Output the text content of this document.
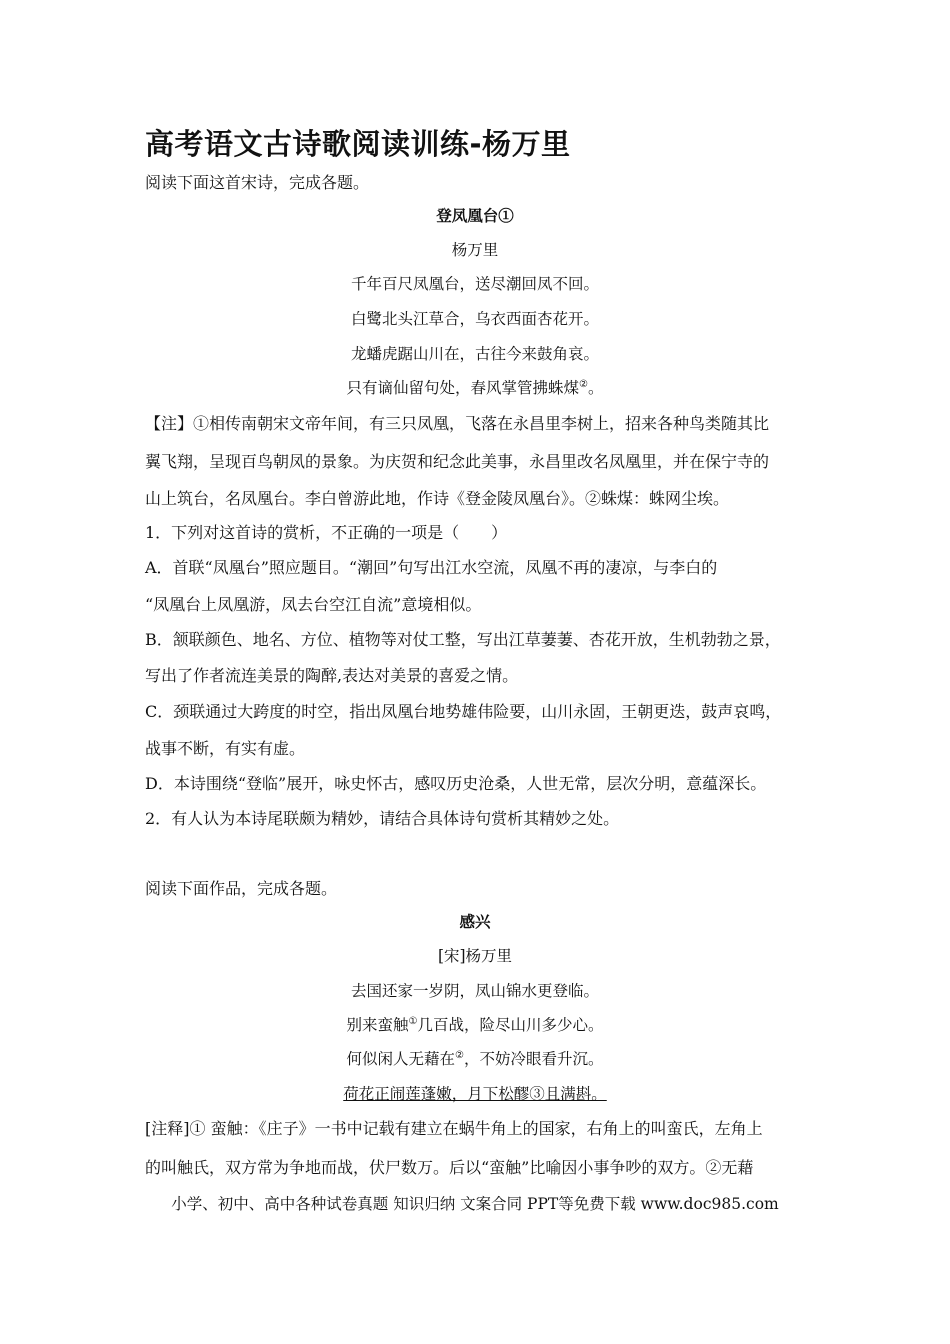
高考语文古诗歌阅读训练-杨万里
阅读下面这首宋诗，完成各题。
登凤凰台①
杨万里
千年百尺凤凰台，送尽潮回凤不回。
白鹭北头江草合，乌衣西面杏花开。
龙蟠虎踞山川在，古往今来鼓角哀。
只有谪仙留句处，春风掌管拂蛛煤②。
【注】①相传南朝宋文帝年间，有三只凤凰，飞落在永昌里李树上，招来各种鸟类随其比
翼飞翔，呈现百鸟朝凤的景象。为庆贺和纪念此美事，永昌里改名凤凰里，并在保宁寺的
山上筑台，名凤凰台。李白曾游此地，作诗《登金陵凤凰台》。②蛛煤：蛛网尘埃。
1．下列对这首诗的赏析，不正确的一项是（　　）
A．首联“凤凰台”照应题目。“潮回”句写出江水空流，凤凰不再的凄凉，与李白的
“凤凰台上凤凰游，凤去台空江自流”意境相似。
B．颔联颜色、地名、方位、植物等对仗工整，写出江草萋萋、杏花开放，生机勃勃之景，
写出了作者流连美景的陶醉,表达对美景的喜爱之情。
C．颈联通过大跨度的时空，指出凤凰台地势雄伟险要，山川永固，王朝更迭，鼓声哀鸣，
战事不断，有实有虚。
D．本诗围绕“登临”展开，咏史怀古，感叹历史沧桑，人世无常，层次分明，意蕴深长。
2．有人认为本诗尾联颇为精妙，请结合具体诗句赏析其精妙之处。
阅读下面作品，完成各题。
感兴
[宋]杨万里
去国还家一岁阴，凤山锦水更登临。
别来蛮触①几百战，险尽山川多少心。
何似闲人无藉在②，不妨冷眼看升沉。
荷花正闹莲蓬嫩，月下松醪③且满斟。
[注释]① 蛮触：《庄子》一书中记载有建立在蜗牛角上的国家，右角上的叫蛮氏，左角上
的叫触氏，双方常为争地而战，伏尸数万。后以“蛮触”比喻因小事争吵的双方。②无藉
小学、初中、高中各种试卷真题 知识归纳 文案合同 PPT等免费下载 www.doc985.com
